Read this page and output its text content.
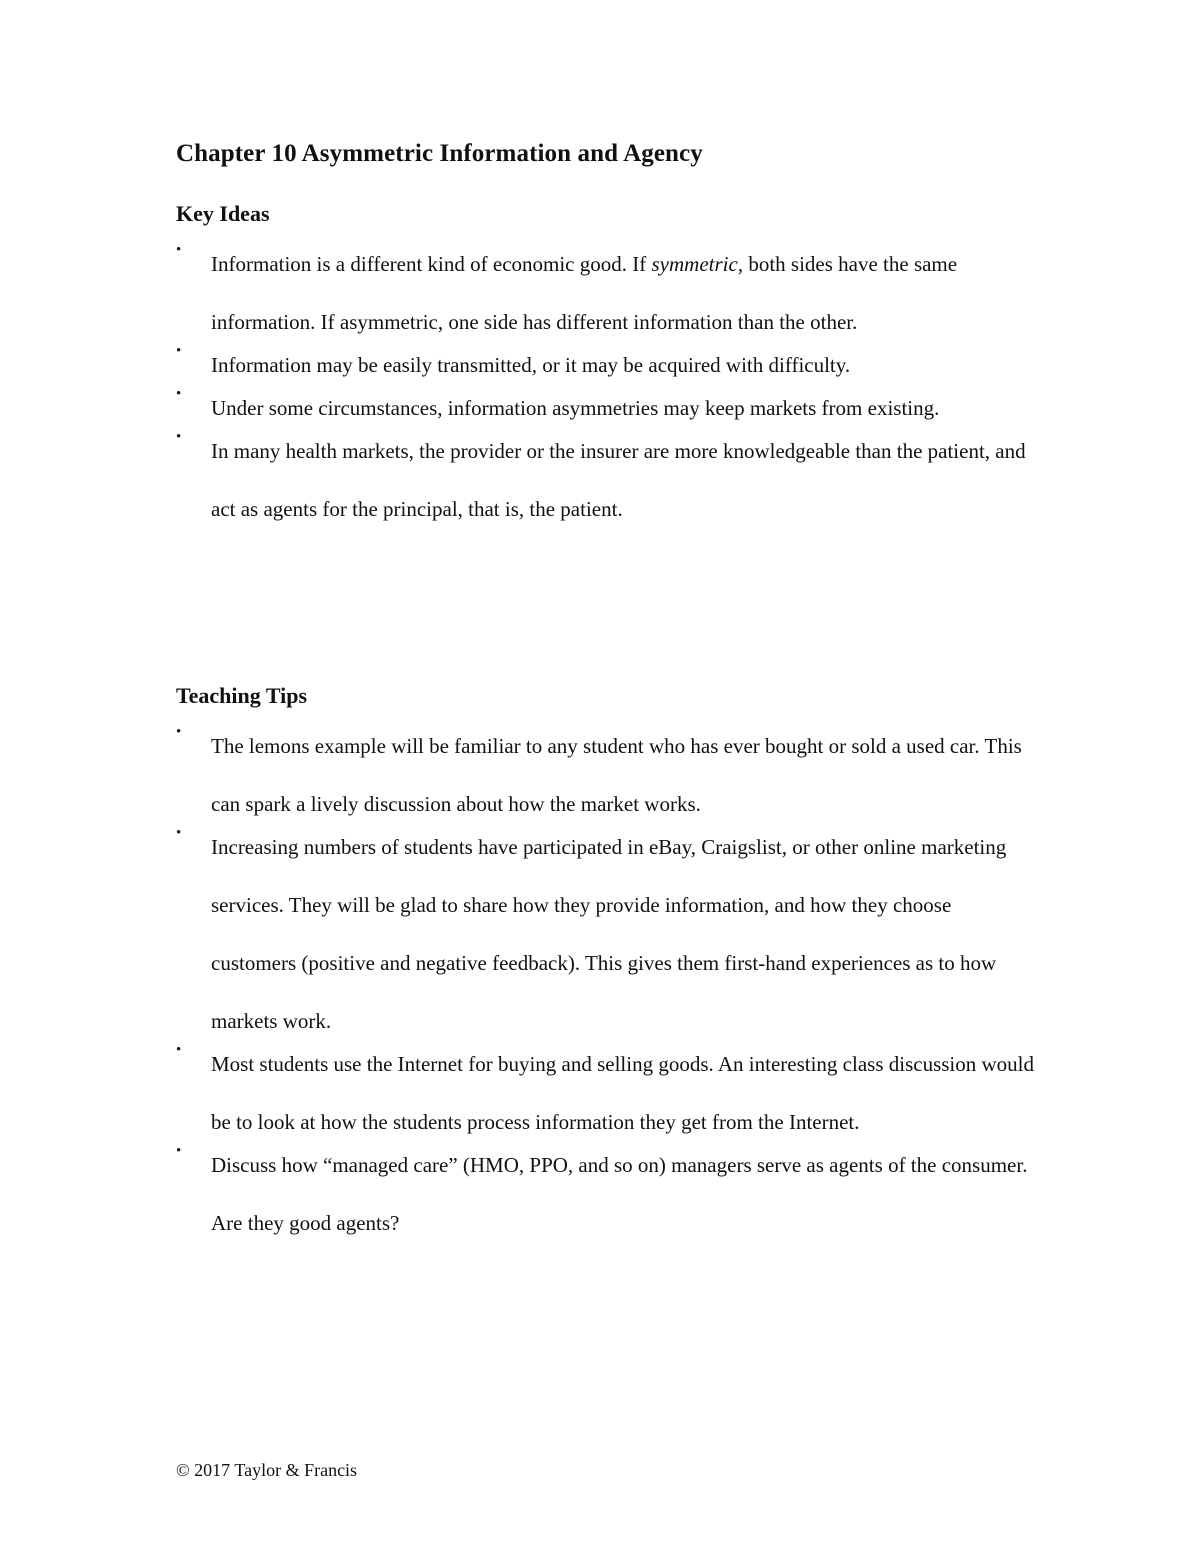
Chapter 10 Asymmetric Information and Agency
Key Ideas
•
Information is a different kind of economic good. If symmetric, both sides have the same information. If asymmetric, one side has different information than the other.
•
Information may be easily transmitted, or it may be acquired with difficulty.
•
Under some circumstances, information asymmetries may keep markets from existing.
•
In many health markets, the provider or the insurer are more knowledgeable than the patient, and act as agents for the principal, that is, the patient.
Teaching Tips
•
The lemons example will be familiar to any student who has ever bought or sold a used car. This can spark a lively discussion about how the market works.
•
Increasing numbers of students have participated in eBay, Craigslist, or other online marketing services. They will be glad to share how they provide information, and how they choose customers (positive and negative feedback). This gives them first-hand experiences as to how markets work.
•
Most students use the Internet for buying and selling goods. An interesting class discussion would be to look at how the students process information they get from the Internet.
•
Discuss how “managed care” (HMO, PPO, and so on) managers serve as agents of the consumer. Are they good agents?
© 2017 Taylor & Francis
